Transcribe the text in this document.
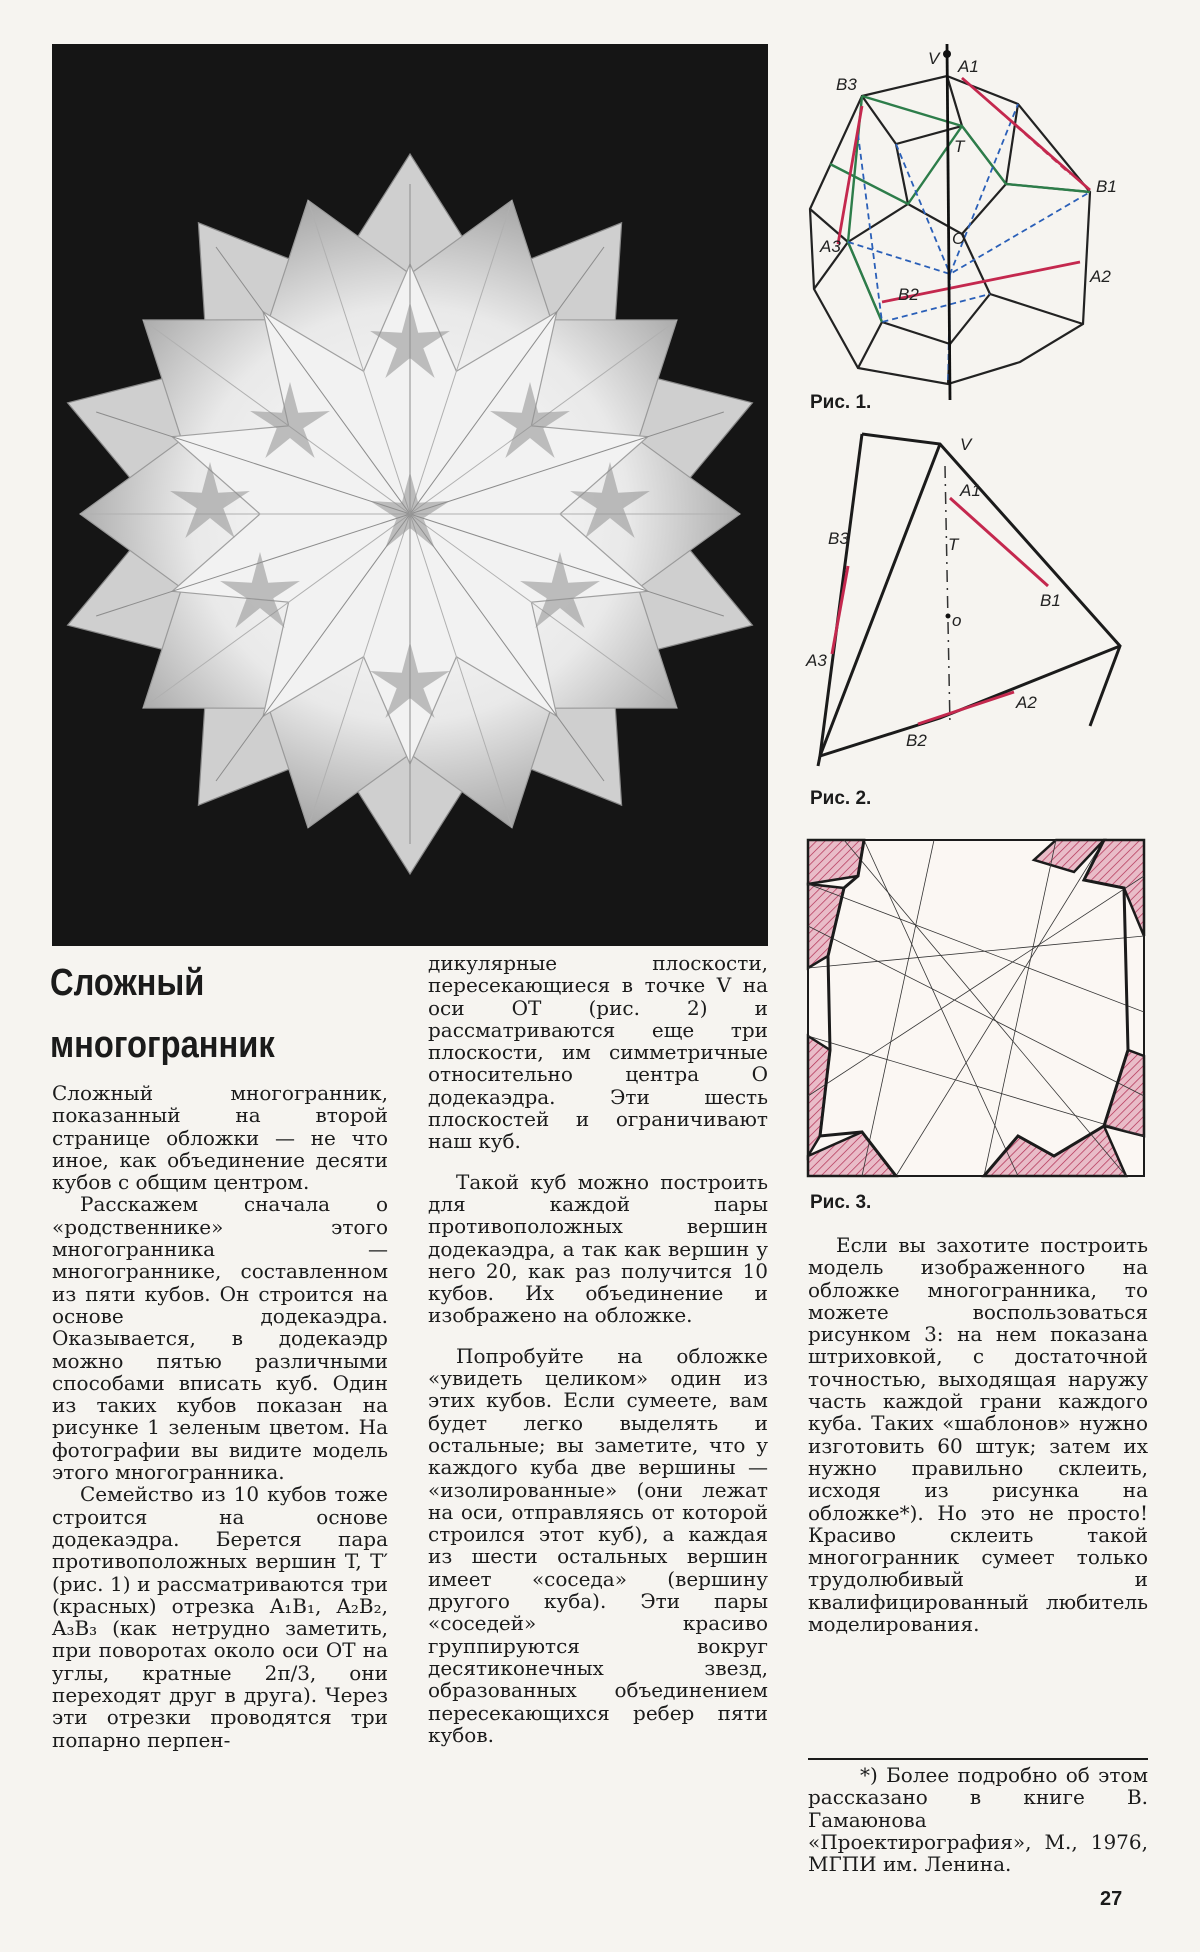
V A1
B3
T
B1
O
A3
A2
B2
Рис. 1.
V
A1
B3	T
B1
o
A3
A2
B2
Рис. 2.
Рис. 3.
Сложный
многогранник

Сложный многогранник, показанный на второй странице обложки — не что иное, как объединение десяти кубов с общим центром.

Расскажем сначала о «родственнике» этого многогранника — многограннике, составленном из пяти кубов. Он строится на основе додекаэдра. Оказывается, в додекаэдр можно пятью различными способами вписать куб. Один из таких кубов показан на рисунке 1 зеленым цветом. На фотографии вы видите модель этого многогранника.

Семейство из 10 кубов тоже строится на основе додекаэдра. Берется пара противоположных вершин T, T′ (рис. 1) и рассматриваются три (красных) отрезка A₁B₁, A₂B₂, A₃B₃ (как нетрудно заметить, при поворотах около оси OT на углы, кратные 2π/3, они переходят друг в друга). Через эти отрезки проводятся три попарно перпен-

дикулярные плоскости, пересекающиеся в точке V на оси OT (рис. 2) и рассматриваются еще три плоскости, им симметричные относительно центра O додекаэдра. Эти шесть плоскостей и ограничивают наш куб.

Такой куб можно построить для каждой пары противоположных вершин додекаэдра, а так как вершин у него 20, как раз получится 10 кубов. Их объединение и изображено на обложке.

Попробуйте на обложке «увидеть целиком» один из этих кубов. Если сумеете, вам будет легко выделять и остальные; вы заметите, что у каждого куба две вершины — «изолированные» (они лежат на оси, отправляясь от которой строился этот куб), а каждая из шести остальных вершин имеет «соседа» (вершину другого куба). Эти пары «соседей» красиво группируются вокруг десятиконечных звезд, образованных объединением пересекающихся ребер пяти кубов.

Если вы захотите построить модель изображенного на обложке многогранника, то можете воспользоваться рисунком 3: на нем показана штриховкой, с достаточной точностью, выходящая наружу часть каждой грани каждого куба. Таких «шаблонов» нужно изготовить 60 штук; затем их нужно правильно склеить, исходя из рисунка на обложке*). Но это не просто! Красиво склеить такой многогранник сумеет только трудолюбивый и квалифицированный любитель моделирования.

*) Более подробно об этом рассказано в книге В. Гамаюнова «Проектирография», М., 1976, МГПИ им. Ленина.

27
